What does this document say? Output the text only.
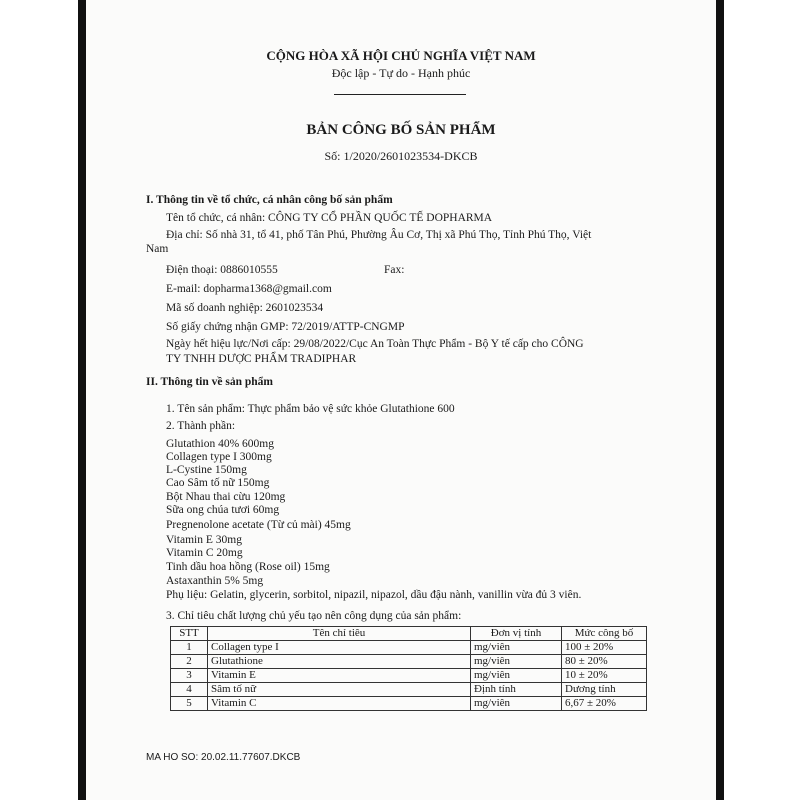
CỘNG HÒA XÃ HỘI CHỦ NGHĨA VIỆT NAM
Độc lập - Tự do - Hạnh phúc
BẢN CÔNG BỐ SẢN PHẨM
Số: 1/2020/2601023534-DKCB
I. Thông tin về tổ chức, cá nhân công bố sản phẩm
Tên tổ chức, cá nhân: CÔNG TY CỔ PHẦN QUỐC TẾ DOPHARMA
Địa chỉ: Số nhà 31, tổ 41, phố Tân Phú, Phường Âu Cơ, Thị xã Phú Thọ, Tỉnh Phú Thọ, Việt
Nam
Điện thoại: 0886010555	Fax:
E-mail: dopharma1368@gmail.com
Mã số doanh nghiệp: 2601023534
Số giấy chứng nhận GMP: 72/2019/ATTP-CNGMP
Ngày hết hiệu lực/Nơi cấp: 29/08/2022/Cục An Toàn Thực Phẩm - Bộ Y tế cấp cho CÔNG
TY TNHH DƯỢC PHẨM TRADIPHAR
II. Thông tin về sản phẩm
1. Tên sản phẩm: Thực phẩm bảo vệ sức khỏe Glutathione 600
2. Thành phần:
Glutathion 40% 600mg
Collagen type I 300mg
L-Cystine 150mg
Cao Sâm tố nữ 150mg
Bột Nhau thai cừu 120mg
Sữa ong chúa tươi 60mg
Pregnenolone acetate (Từ củ mài) 45mg
Vitamin E 30mg
Vitamin C 20mg
Tinh dầu hoa hồng (Rose oil) 15mg
Astaxanthin 5% 5mg
Phụ liệu: Gelatin, glycerin, sorbitol, nipazil, nipazol, dầu đậu nành, vanillin vừa đủ 3 viên.
3. Chỉ tiêu chất lượng chủ yếu tạo nên công dụng của sản phẩm:
STT	Tên chỉ tiêu	Đơn vị tính	Mức công bố
1	Collagen type I	mg/viên	100 ± 20%
2	Glutathione	mg/viên	80 ± 20%
3	Vitamin E	mg/viên	10 ± 20%
4	Sâm tố nữ	Định tính	Dương tính
5	Vitamin C	mg/viên	6,67 ± 20%
MA HO SO: 20.02.11.77607.DKCB
